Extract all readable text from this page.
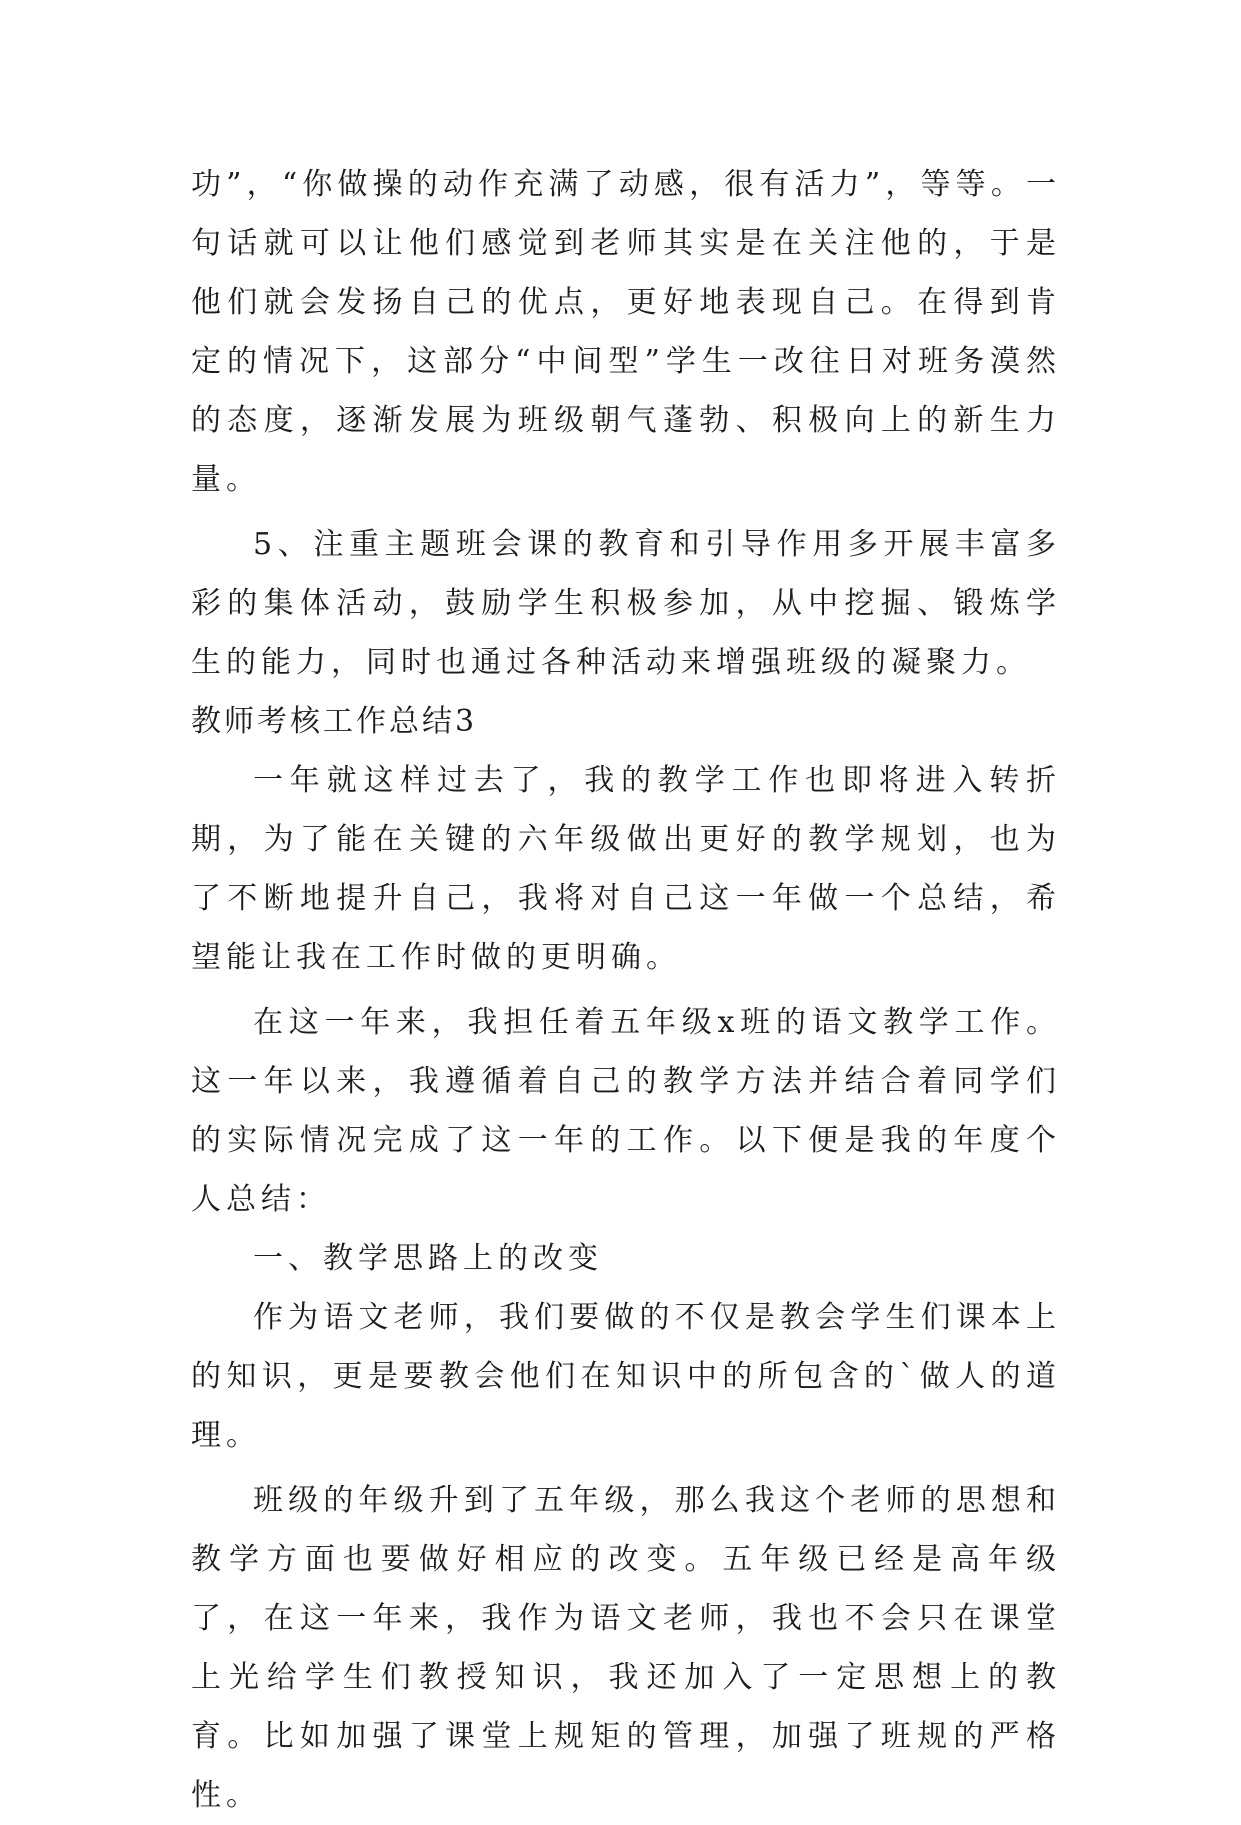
功”，“你做操的动作充满了动感，很有活力”，等等。一句话就可以让他们感觉到老师其实是在关注他的，于是他们就会发扬自己的优点，更好地表现自己。在得到肯定的情况下，这部分“中间型”学生一改往日对班务漠然的态度，逐渐发展为班级朝气蓬勃、积极向上的新生力量。

5、注重主题班会课的教育和引导作用多开展丰富多彩的集体活动，鼓励学生积极参加，从中挖掘、锻炼学生的能力，同时也通过各种活动来增强班级的凝聚力。

教师考核工作总结3

一年就这样过去了，我的教学工作也即将进入转折期，为了能在关键的六年级做出更好的教学规划，也为了不断地提升自己，我将对自己这一年做一个总结，希望能让我在工作时做的更明确。

在这一年来，我担任着五年级x班的语文教学工作。这一年以来，我遵循着自己的教学方法并结合着同学们的实际情况完成了这一年的工作。以下便是我的年度个人总结：

一、教学思路上的改变

作为语文老师，我们要做的不仅是教会学生们课本上的知识，更是要教会他们在知识中的所包含的`做人的道理。

班级的年级升到了五年级，那么我这个老师的思想和教学方面也要做好相应的改变。五年级已经是高年级了，在这一年来，我作为语文老师，我也不会只在课堂上光给学生们教授知识，我还加入了一定思想上的教育。比如加强了课堂上规矩的管理，加强了班规的严格性。
